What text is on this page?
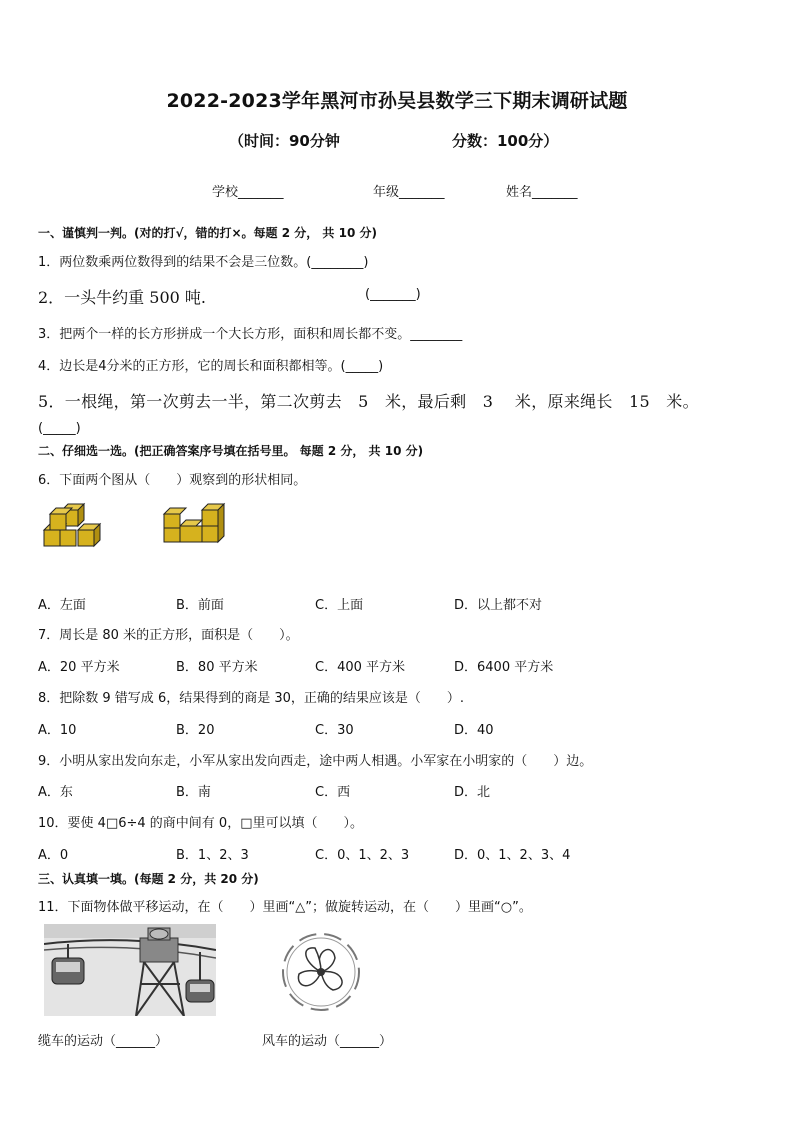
2022-2023学年黑河市孙吴县数学三下期末调研试题
（时间：90分钟	分数：100分）
学校_______	年级_______	姓名_______
一、谨慎判一判。(对的打√，错的打×。每题 2 分， 共 10 分)
1．两位数乘两位数得到的结果不会是三位数。(________)
2．一头牛约重 500 吨.	(_______)
3．把两个一样的长方形拼成一个大长方形，面积和周长都不变。________
4．边长是4分米的正方形，它的周长和面积都相等。(_____)
5．一根绳，第一次剪去一半，第二次剪去　5　米，最后剩　3　 米，原来绳长　15　米。
(_____)
二、仔细选一选。(把正确答案序号填在括号里。 每题 2 分， 共 10 分)
6．下面两个图从（　　）观察到的形状相同。
A．左面	B．前面	C．上面	D．以上都不对
7．周长是 80 米的正方形，面积是（　　）。
A．20 平方米	B．80 平方米	C．400 平方米	D．6400 平方米
8．把除数 9 错写成 6，结果得到的商是 30，正确的结果应该是（　　）.
A．10	B．20	C．30	D．40
9．小明从家出发向东走，小军从家出发向西走，途中两人相遇。小军家在小明家的（　　）边。
A．东	B．南	C．西	D．北
10．要使 4□6÷4 的商中间有 0，□里可以填（　　）。
A．0	B．1、2、3	C．0、1、2、3	D．0、1、2、3、4
三、认真填一填。(每题 2 分，共 20 分)
11．下面物体做平移运动，在（　　）里画“△”；做旋转运动，在（　　）里画“○”。
缆车的运动（______）	风车的运动（______）
